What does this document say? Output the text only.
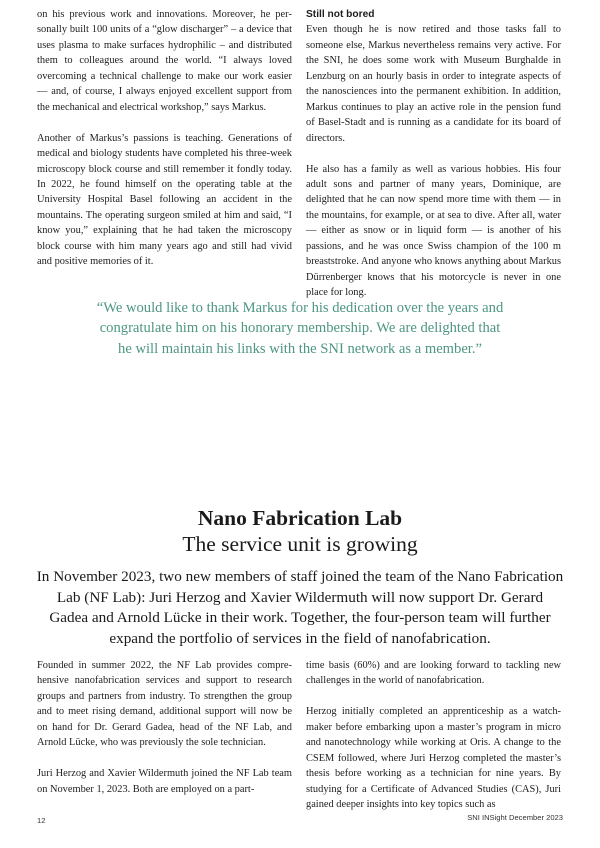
on his previous work and innovations. Moreover, he personally built 100 units of a “glow discharger” – a device that uses plasma to make surfaces hydrophilic – and distributed them to colleagues around the world. “I always loved overcoming a technical challenge to make our work easier — and, of course, I always enjoyed excellent support from the mechanical and electrical workshop,” says Markus.

Another of Markus’s passions is teaching. Generations of medical and biology students have completed his three-week microscopy block course and still remember it fondly today. In 2022, he found himself on the operating table at the University Hospital Basel following an accident in the mountains. The operating surgeon smiled at him and said, “I know you,” explaining that he had taken the microscopy block course with him many years ago and still had vivid and positive memories of it.

Still not bored

Even though he is now retired and those tasks fall to someone else, Markus nevertheless remains very active. For the SNI, he does some work with Museum Burghalde in Lenzburg on an hourly basis in order to integrate aspects of the nanosciences into the permanent exhibition. In addition, Markus continues to play an active role in the pension fund of Basel-Stadt and is running as a candidate for its board of directors.

He also has a family as well as various hobbies. His four adult sons and partner of many years, Dominique, are delighted that he can now spend more time with them — in the mountains, for example, or at sea to dive. After all, water — either as snow or in liquid form — is another of his passions, and he was once Swiss champion of the 100 m breaststroke. And anyone who knows anything about Markus Dürrenberger knows that his motorcycle is never in one place for long.

“We would like to thank Markus for his dedication over the years and congratulate him on his honorary membership. We are delighted that he will maintain his links with the SNI network as a member.”
Nano Fabrication Lab
The service unit is growing

In November 2023, two new members of staff joined the team of the Nano Fabrication Lab (NF Lab): Juri Herzog and Xavier Wildermuth will now support Dr. Gerard Gadea and Arnold Lücke in their work. Together, the four-person team will further expand the portfolio of services in the field of nanofabrication.

Founded in summer 2022, the NF Lab provides comprehensive nanofabrication services and support to research groups and partners from industry. To strengthen the group and to meet rising demand, additional support will now be on hand for Dr. Gerard Gadea, head of the NF Lab, and Arnold Lücke, who was previously the sole technician.

Juri Herzog and Xavier Wildermuth joined the NF Lab team on November 1, 2023. Both are employed on a part-

time basis (60%) and are looking forward to tackling new challenges in the world of nanofabrication.

Herzog initially completed an apprenticeship as a watchmaker before embarking upon a master’s program in micro and nanotechnology while working at Oris. A change to the CSEM followed, where Juri Herzog completed the master’s thesis before working as a technician for nine years. By studying for a Certificate of Advanced Studies (CAS), Juri gained deeper insights into key topics such as

12	SNI INSight December 2023
